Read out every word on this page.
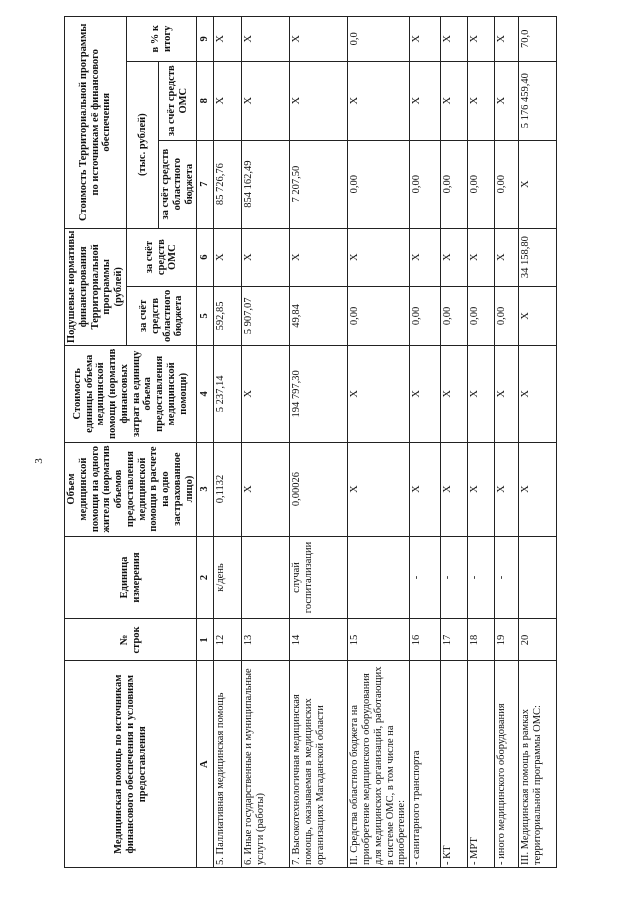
3
Медицинская помощь по источникам финансового обеспечения и условиям предоставления	№ строк	Единица измерения	Объем медицинской помощи на одного жителя (норматив объемов предоставления медицинской помощи в расчете на одно застрахованное лицо)	Стоимость единицы объема медицинской помощи (норматив финансовых затрат на единицу объема предоставления медицинской помощи)	Подушевые нормативы финансирования Территориальной программы
(рублей)		Стоимость Территориальной программы по источникам её финансового обеспечения		
					за счёт средств областного бюджета	за счёт средств ОМС	(тыс. рублей)		в % к итогу
							за счёт средств областного бюджета	за счёт средств ОМС	
А	1	2	3	4	5	6	7	8	9
5. Паллиативная медицинская помощь	12	к/день	0,1132	5 237,14	592,85	Х	85 726,76	Х	Х
6. Иные государственные и муниципальные услуги (работы)	13		Х	Х	5 907,07	Х	854 162,49	Х	Х
7. Высокотехнологичная медицинская помощь, оказываемая в медицинских организациях Магаданской области	14	случай госпитализации	0,00026	194 797,30	49,84	Х	7 207,50	Х	Х
II. Средства областного бюджета на приобретение медицинского оборудования для медицинских организаций, работающих в системе ОМС, в том числе на приобретение:	15		Х	Х	0,00	Х	0,00	Х	0,0
- санитарного транспорта	16	-	Х	Х	0,00	Х	0,00	Х	Х
- КТ	17	-	Х	Х	0,00	Х	0,00	Х	Х
- МРТ	18	-	Х	Х	0,00	Х	0,00	Х	Х
- иного медицинского оборудования	19	-	Х	Х	0,00	Х	0,00	Х	Х
III. Медицинская помощь в рамках территориальной программы ОМС:	20		Х	Х	Х	34 158,80	Х	5 176 459,40	70,0
